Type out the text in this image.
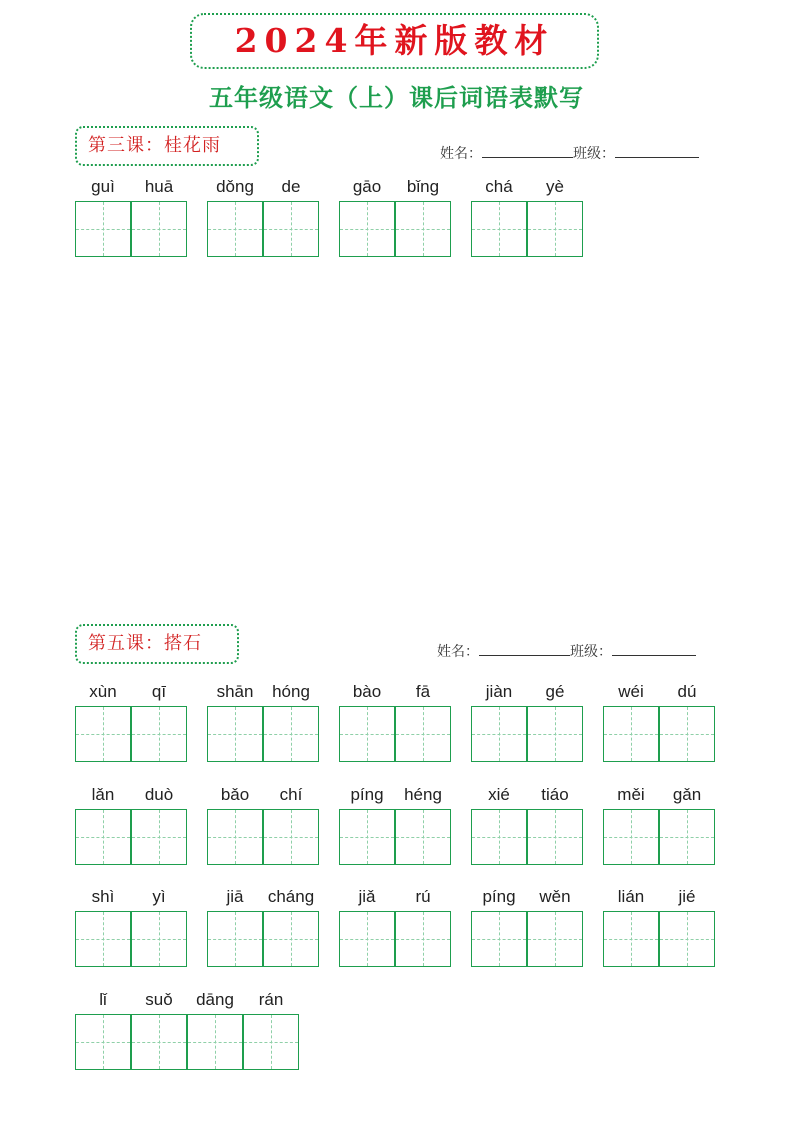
2024年新版教材
五年级语文（上）课后词语表默写
第三课：桂花雨	姓名：	班级：
guì	huā	dǒng	de	gāo	bǐng	chá	yè
第五课：搭石	姓名：	班级：
xùn	qī	shān	hóng	bào	fā	jiàn	gé	wéi	dú
lǎn	duò	bǎo	chí	píng	héng	xié	tiáo	měi	gǎn
shì	yì	jiā	cháng	jiǎ	rú	píng	wěn	lián	jié
lǐ	suǒ	dāng	rán
